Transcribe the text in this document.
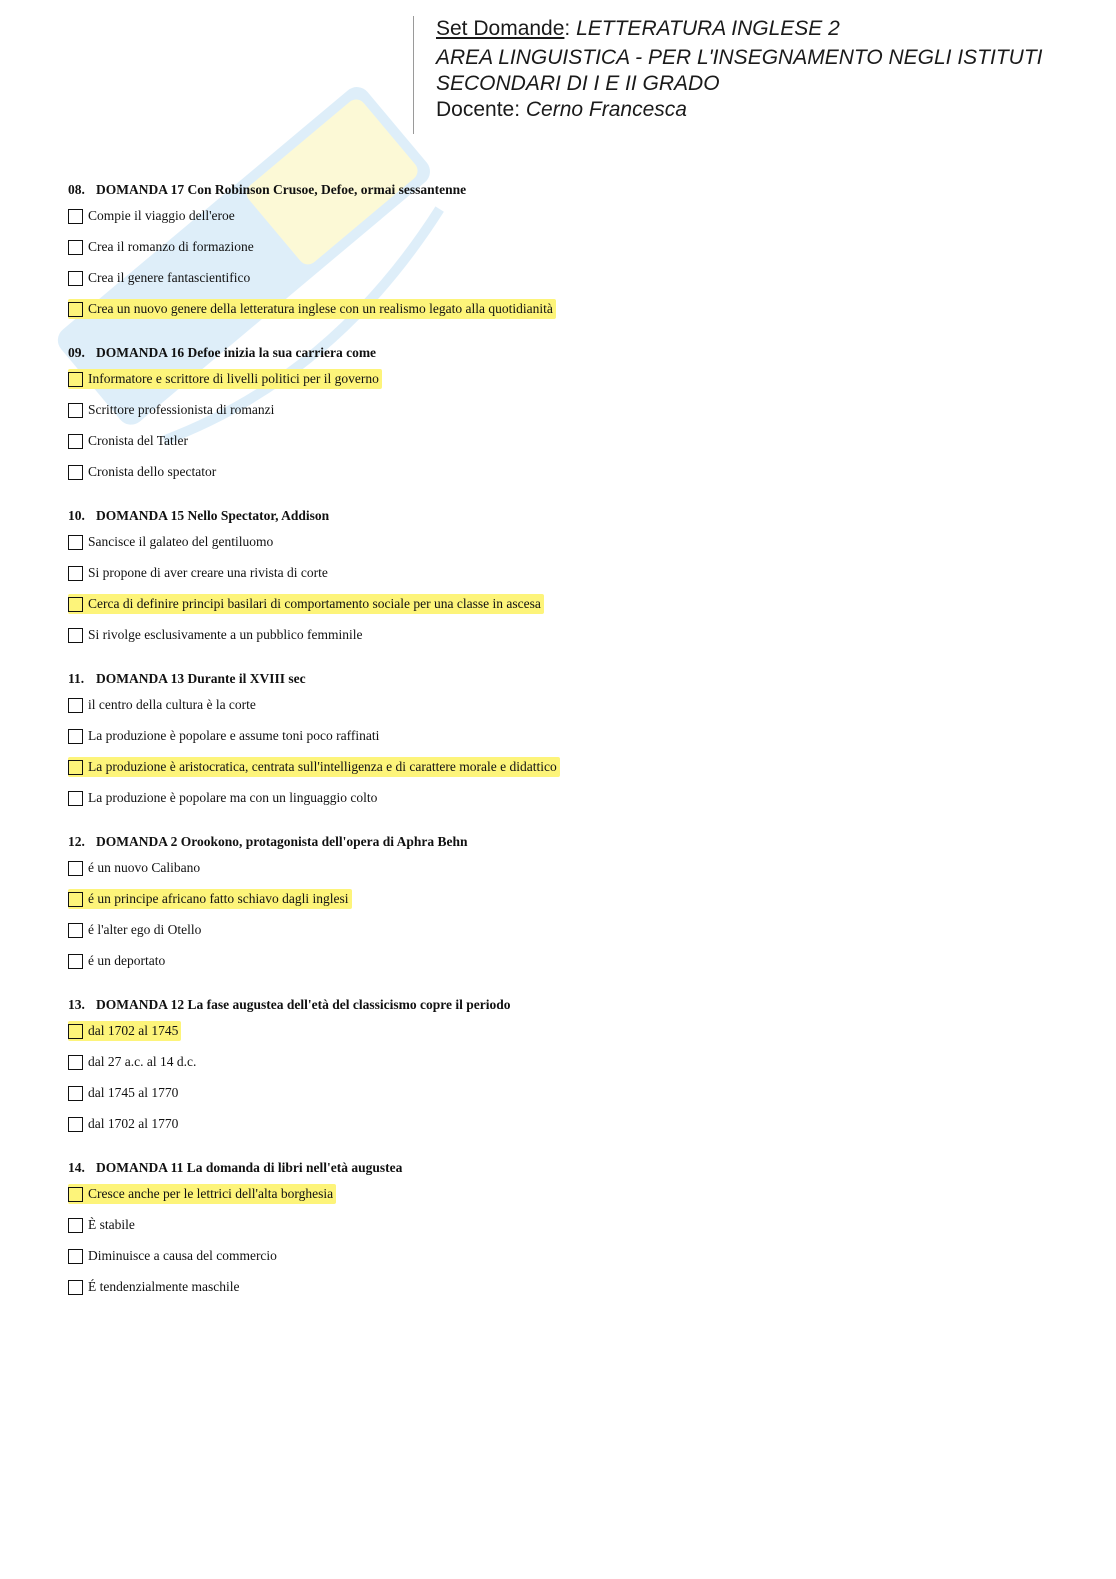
Set Domande: LETTERATURA INGLESE 2

AREA LINGUISTICA - PER L'INSEGNAMENTO NEGLI ISTITUTI

SECONDARI DI I E II GRADO

Docente: Cerno Francesca

08. DOMANDA 17 Con Robinson Crusoe, Defoe, ormai sessantenne
Compie il viaggio dell'eroe
Crea il romanzo di formazione
Crea il genere fantascientifico
Crea un nuovo genere della letteratura inglese con un realismo legato alla quotidianità
09. DOMANDA 16 Defoe inizia la sua carriera come
Informatore e scrittore di livelli politici per il governo
Scrittore professionista di romanzi
Cronista del Tatler
Cronista dello spectator
10. DOMANDA 15 Nello Spectator, Addison
Sancisce il galateo del gentiluomo
Si propone di aver creare una rivista di corte
Cerca di definire principi basilari di comportamento sociale per una classe in ascesa
Si rivolge esclusivamente a un pubblico femminile
11. DOMANDA 13 Durante il XVIII sec
il centro della cultura è la corte
La produzione è popolare e assume toni poco raffinati
La produzione è aristocratica, centrata sull'intelligenza e di carattere morale e didattico
La produzione è popolare ma con un linguaggio colto
12. DOMANDA 2 Orookono, protagonista dell'opera di Aphra Behn
é un nuovo Calibano
é un principe africano fatto schiavo dagli inglesi
é l'alter ego di Otello
é un deportato
13. DOMANDA 12 La fase augustea dell'età del classicismo copre il periodo
dal 1702 al 1745
dal 27 a.c. al 14 d.c.
dal 1745 al 1770
dal 1702 al 1770
14. DOMANDA 11 La domanda di libri nell'età augustea
Cresce anche per le lettrici dell'alta borghesia
È stabile
Diminuisce a causa del commercio
É tendenzialmente maschile
